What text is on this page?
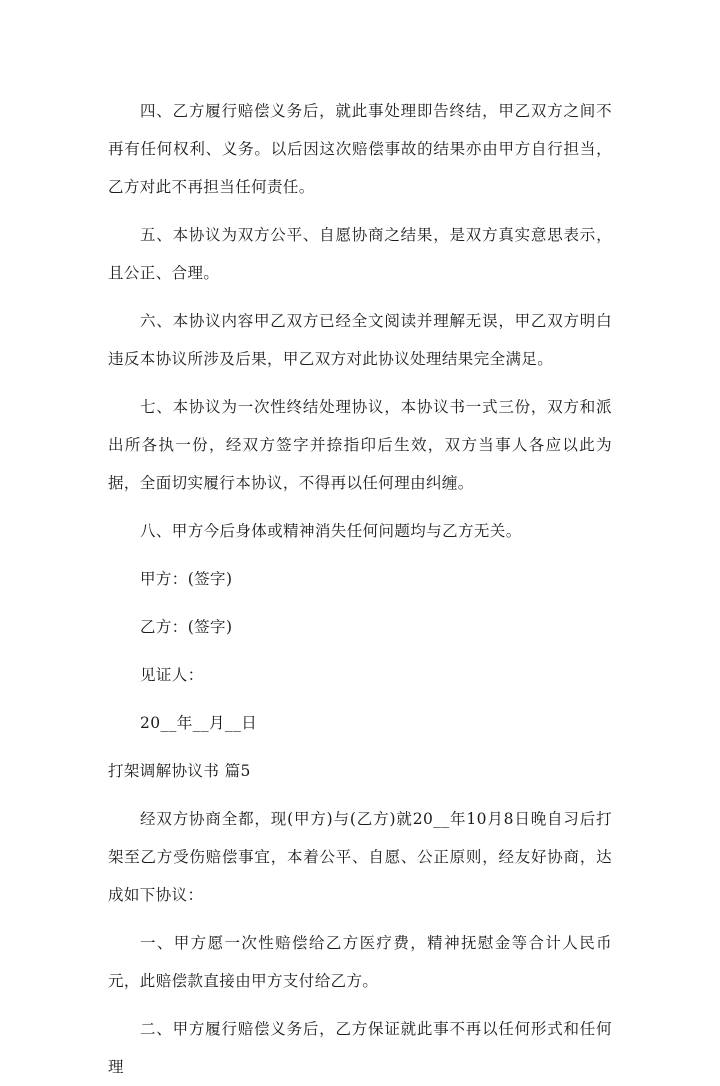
四、乙方履行赔偿义务后，就此事处理即告终结，甲乙双方之间不再有任何权利、义务。以后因这次赔偿事故的结果亦由甲方自行担当，乙方对此不再担当任何责任。

五、本协议为双方公平、自愿协商之结果，是双方真实意思表示，且公正、合理。

六、本协议内容甲乙双方已经全文阅读并理解无误，甲乙双方明白违反本协议所涉及后果，甲乙双方对此协议处理结果完全满足。

七、本协议为一次性终结处理协议，本协议书一式三份，双方和派出所各执一份，经双方签字并捺指印后生效，双方当事人各应以此为据，全面切实履行本协议，不得再以任何理由纠缠。

八、甲方今后身体或精神消失任何问题均与乙方无关。

甲方：(签字)

乙方：(签字)

见证人：

20__年__月__日

打架调解协议书 篇5

经双方协商全都，现(甲方)与(乙方)就20__年10月8日晚自习后打架至乙方受伤赔偿事宜，本着公平、自愿、公正原则，经友好协商，达成如下协议：

一、甲方愿一次性赔偿给乙方医疗费，精神抚慰金等合计人民币元，此赔偿款直接由甲方支付给乙方。

二、甲方履行赔偿义务后，乙方保证就此事不再以任何形式和任何理
